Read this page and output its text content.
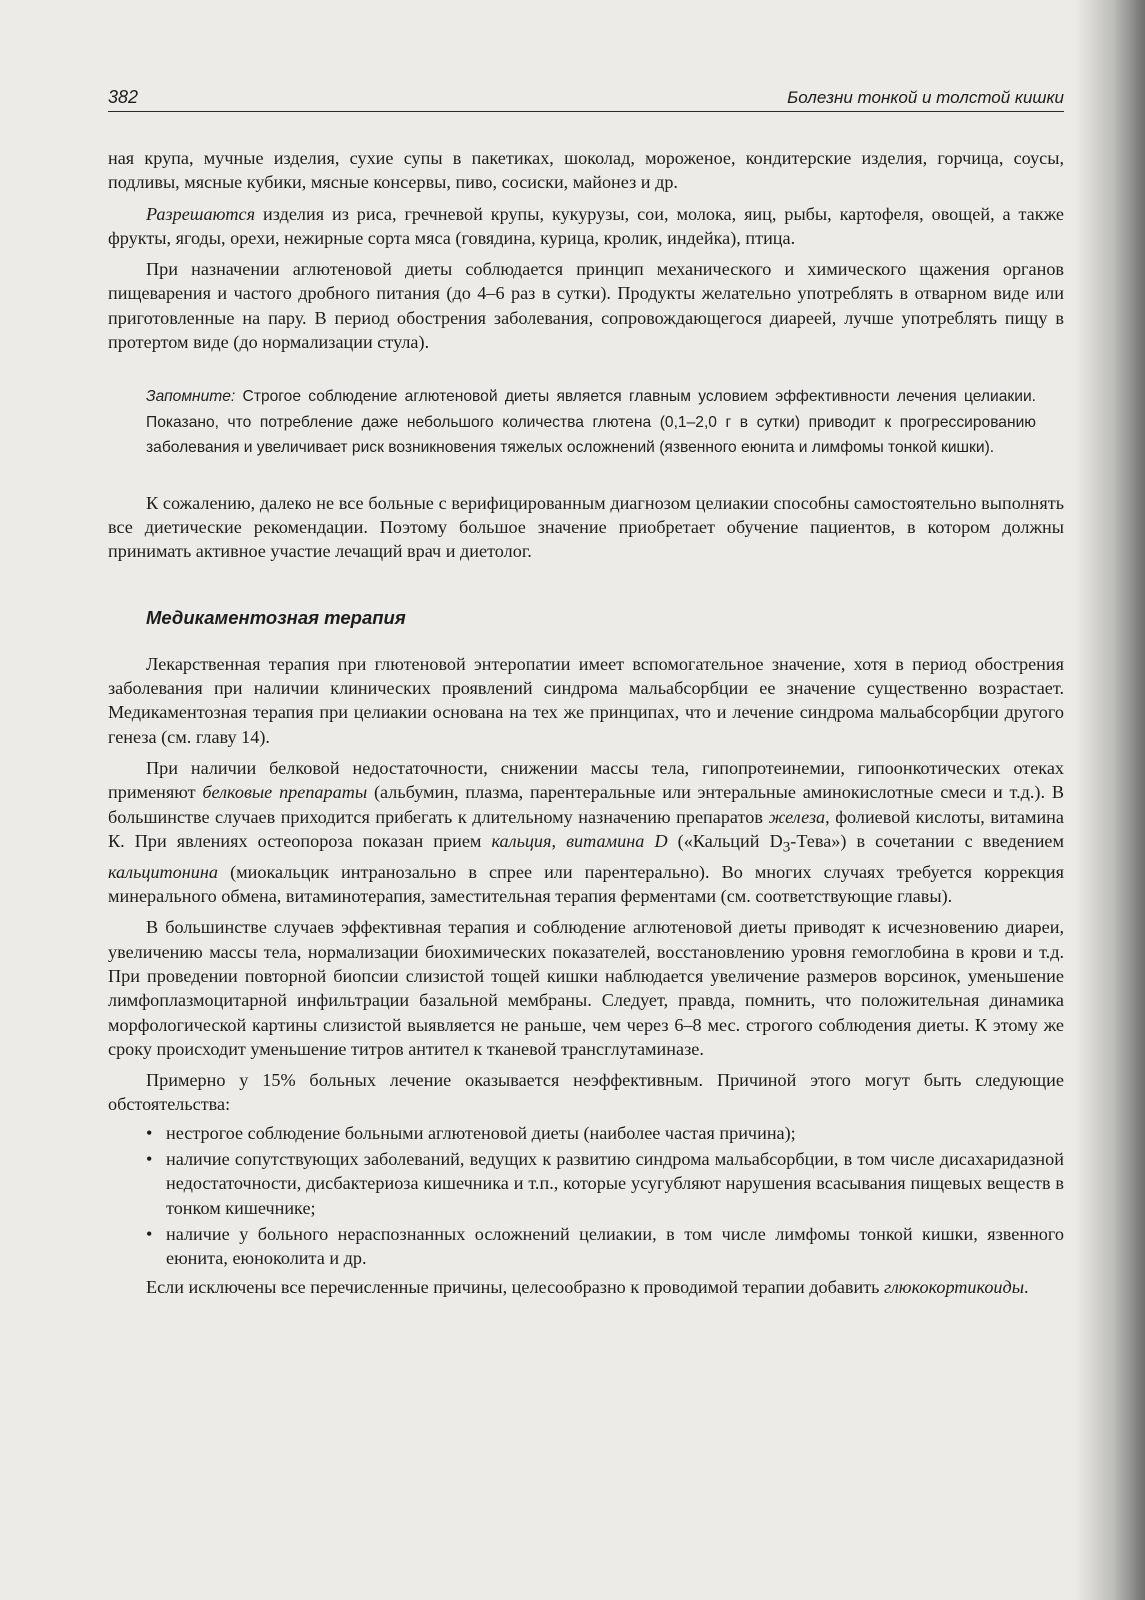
382	Болезни тонкой и толстой кишки

ная крупа, мучные изделия, сухие супы в пакетиках, шоколад, мороженое, кондитерские изделия, горчица, соусы, подливы, мясные кубики, мясные консервы, пиво, сосиски, майонез и др.

Разрешаются изделия из риса, гречневой крупы, кукурузы, сои, молока, яиц, рыбы, картофеля, овощей, а также фрукты, ягоды, орехи, нежирные сорта мяса (говядина, курица, кролик, индейка), птица.

При назначении аглютеновой диеты соблюдается принцип механического и химического щажения органов пищеварения и частого дробного питания (до 4–6 раз в сутки). Продукты желательно употреблять в отварном виде или приготовленные на пару. В период обострения заболевания, сопровождающегося диареей, лучше употреблять пищу в протертом виде (до нормализации стула).

Запомните: Строгое соблюдение аглютеновой диеты является главным условием эффективности лечения целиакии. Показано, что потребление даже небольшого количества глютена (0,1–2,0 г в сутки) приводит к прогрессированию заболевания и увеличивает риск возникновения тяжелых осложнений (язвенного еюнита и лимфомы тонкой кишки).

К сожалению, далеко не все больные с верифицированным диагнозом целиакии способны самостоятельно выполнять все диетические рекомендации. Поэтому большое значение приобретает обучение пациентов, в котором должны принимать активное участие лечащий врач и диетолог.

Медикаментозная терапия

Лекарственная терапия при глютеновой энтеропатии имеет вспомогательное значение, хотя в период обострения заболевания при наличии клинических проявлений синдрома мальабсорбции ее значение существенно возрастает. Медикаментозная терапия при целиакии основана на тех же принципах, что и лечение синдрома мальабсорбции другого генеза (см. главу 14).

При наличии белковой недостаточности, снижении массы тела, гипопротеинемии, гипоонкотических отеках применяют белковые препараты (альбумин, плазма, парентеральные или энтеральные аминокислотные смеси и т.д.). В большинстве случаев приходится прибегать к длительному назначению препаратов железа, фолиевой кислоты, витамина К. При явлениях остеопороза показан прием кальция, витамина D («Кальций $D_3-Тева$») в сочетании с введением кальцитонина (миокальцик интранозально в спрее или парентерально). Во многих случаях требуется коррекция минерального обмена, витаминотерапия, заместительная терапия ферментами (см. соответствующие главы).

В большинстве случаев эффективная терапия и соблюдение аглютеновой диеты приводят к исчезновению диареи, увеличению массы тела, нормализации биохимических показателей, восстановлению уровня гемоглобина в крови и т.д. При проведении повторной биопсии слизистой тощей кишки наблюдается увеличение размеров ворсинок, уменьшение лимфоплазмоцитарной инфильтрации базальной мембраны. Следует, правда, помнить, что положительная динамика морфологической картины слизистой выявляется не раньше, чем через 6–8 мес. строгого соблюдения диеты. К этому же сроку происходит уменьшение титров антител к тканевой трансглутаминазе.

Примерно у 15% больных лечение оказывается неэффективным. Причиной этого могут быть следующие обстоятельства:

• нестрогое соблюдение больными аглютеновой диеты (наиболее частая причина);
• наличие сопутствующих заболеваний, ведущих к развитию синдрома мальабсорбции, в том числе дисахаридазной недостаточности, дисбактериоза кишечника и т.п., которые усугубляют нарушения всасывания пищевых веществ в тонком кишечнике;
• наличие у больного нераспознанных осложнений целиакии, в том числе лимфомы тонкой кишки, язвенного еюнита, еюноколита и др.

Если исключены все перечисленные причины, целесообразно к проводимой терапии добавить глюкокортикоиды.
